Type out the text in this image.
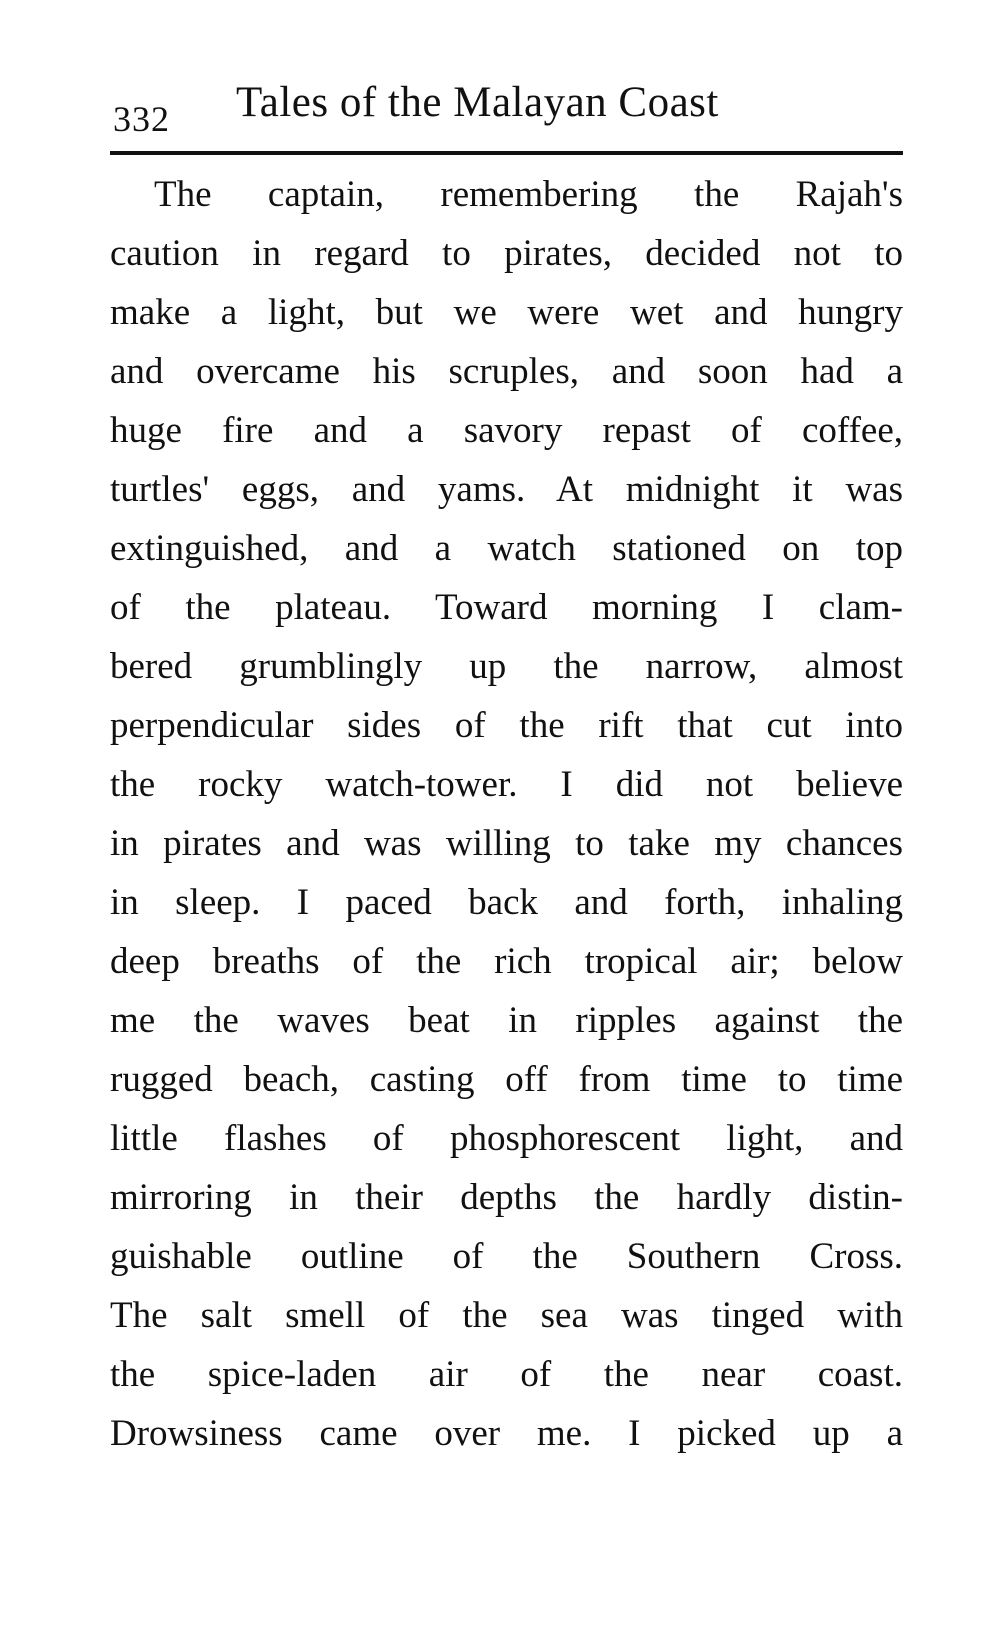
332 Tales of the Malayan Coast
The captain, remembering the Rajah's
caution in regard to pirates, decided not to
make a light, but we were wet and hungry
and overcame his scruples, and soon had a
huge fire and a savory repast of coffee,
turtles' eggs, and yams. At midnight it was
extinguished, and a watch stationed on top
of the plateau. Toward morning I clam-
bered grumblingly up the narrow, almost
perpendicular sides of the rift that cut into
the rocky watch-tower. I did not believe
in pirates and was willing to take my chances
in sleep. I paced back and forth, inhaling
deep breaths of the rich tropical air; below
me the waves beat in ripples against the
rugged beach, casting off from time to time
little flashes of phosphorescent light, and
mirroring in their depths the hardly distin-
guishable outline of the Southern Cross.
The salt smell of the sea was tinged with
the spice-laden air of the near coast.
Drowsiness came over me. I picked up a
